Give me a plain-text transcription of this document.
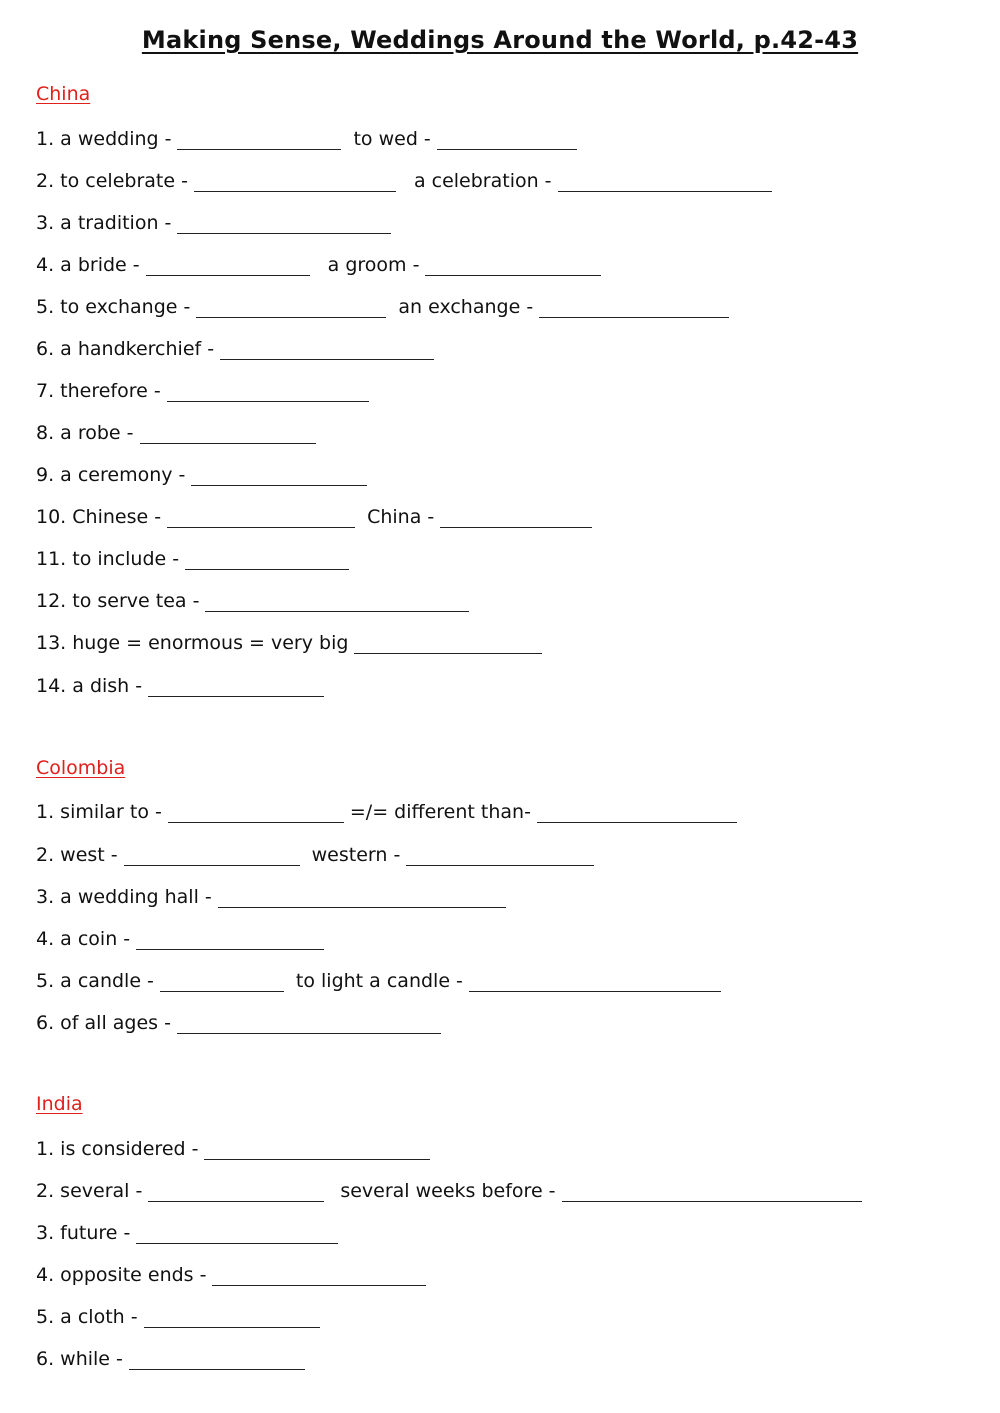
Making Sense, Weddings Around the World, p.42-43
China
1. a wedding -	to wed -
2. to celebrate -	a celebration -
3. a tradition -
4. a bride -	a groom -
5. to exchange -	an exchange -
6. a handkerchief -
7. therefore -
8. a robe -
9. a ceremony -
10. Chinese -	China -
11. to include -
12. to serve tea -
13. huge = enormous = very big
14. a dish -
Colombia
1. similar to -	=/= different than-
2. west -	western -
3. a wedding hall -
4. a coin -
5. a candle -	to light a candle -
6. of all ages -
India
1. is considered -
2. several -	several weeks before -
3. future -
4. opposite ends -
5. a cloth -
6. while -
